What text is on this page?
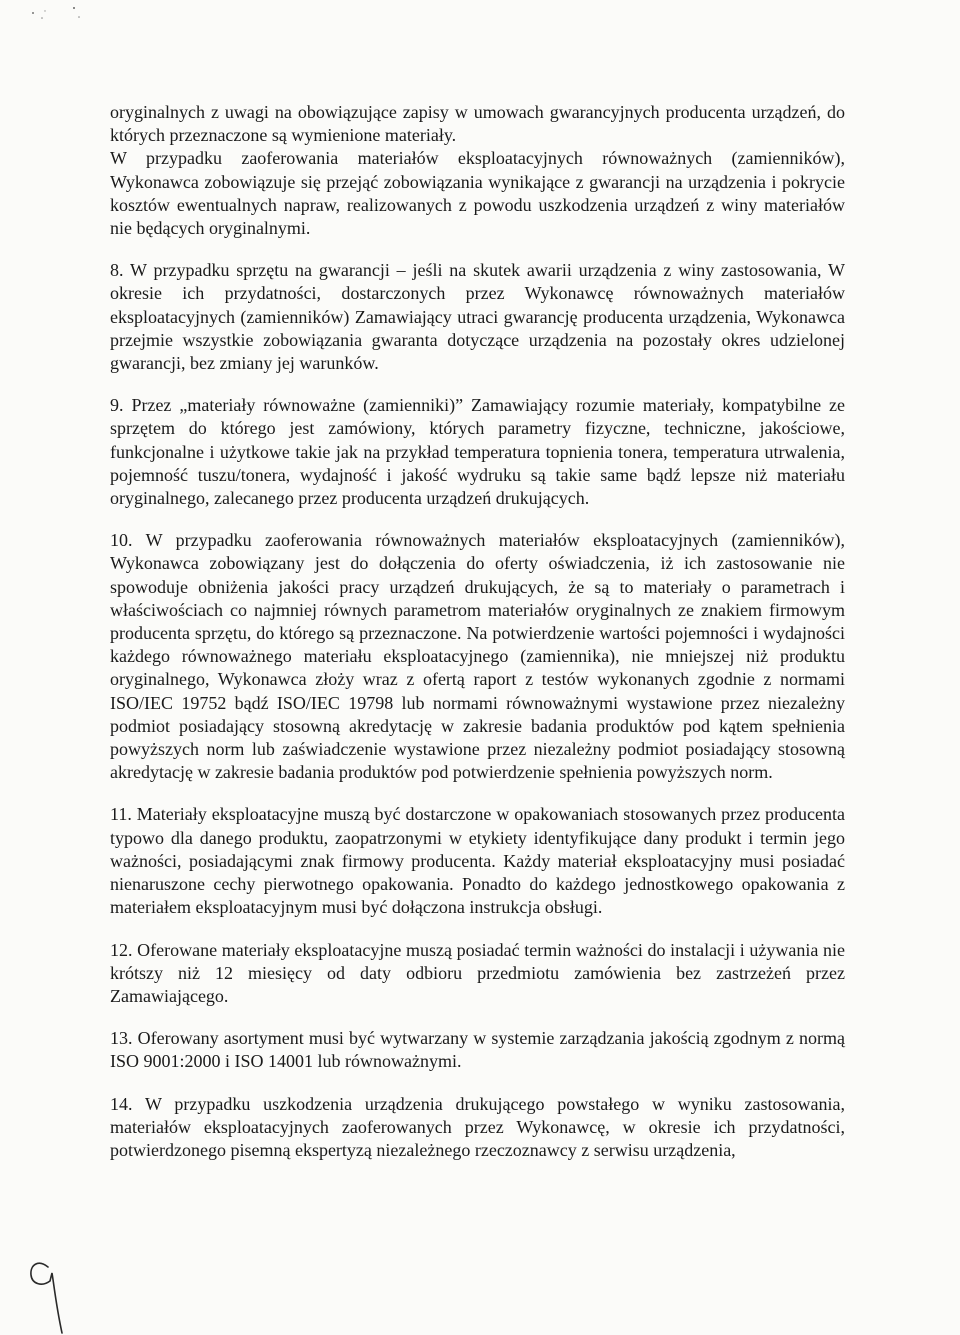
oryginalnych z uwagi na obowiązujące zapisy w umowach gwarancyjnych producenta urządzeń, do których przeznaczone są wymienione materiały.

W przypadku zaoferowania materiałów eksploatacyjnych równoważnych (zamienników), Wykonawca zobowiązuje się przejąć zobowiązania wynikające z gwarancji na urządzenia i pokrycie kosztów ewentualnych napraw, realizowanych z powodu uszkodzenia urządzeń z winy materiałów nie będących oryginalnymi.

8. W przypadku sprzętu na gwarancji – jeśli na skutek awarii urządzenia z winy zastosowania, W okresie ich przydatności, dostarczonych przez Wykonawcę równoważnych materiałów eksploatacyjnych (zamienników) Zamawiający utraci gwarancję producenta urządzenia, Wykonawca przejmie wszystkie zobowiązania gwaranta dotyczące urządzenia na pozostały okres udzielonej gwarancji, bez zmiany jej warunków.

9. Przez „materiały równoważne (zamienniki)” Zamawiający rozumie materiały, kompatybilne ze sprzętem do którego jest zamówiony, których parametry fizyczne, techniczne, jakościowe, funkcjonalne i użytkowe takie jak na przykład temperatura topnienia tonera, temperatura utrwalenia, pojemność tuszu/tonera, wydajność i jakość wydruku są takie same bądź lepsze niż materiału oryginalnego, zalecanego przez producenta urządzeń drukujących.

10. W przypadku zaoferowania równoważnych materiałów eksploatacyjnych (zamienników), Wykonawca zobowiązany jest do dołączenia do oferty oświadczenia, iż ich zastosowanie nie spowoduje obniżenia jakości pracy urządzeń drukujących, że są to materiały o parametrach i właściwościach co najmniej równych parametrom materiałów oryginalnych ze znakiem firmowym producenta sprzętu, do którego są przeznaczone. Na potwierdzenie wartości pojemności i wydajności każdego równoważnego materiału eksploatacyjnego (zamiennika), nie mniejszej niż produktu oryginalnego, Wykonawca złoży wraz z ofertą raport z testów wykonanych zgodnie z normami ISO/IEC 19752 bądź ISO/IEC 19798 lub normami równoważnymi wystawione przez niezależny podmiot posiadający stosowną akredytację w zakresie badania produktów pod kątem spełnienia powyższych norm lub zaświadczenie wystawione przez niezależny podmiot posiadający stosowną akredytację w zakresie badania produktów pod potwierdzenie spełnienia powyższych norm.

11. Materiały eksploatacyjne muszą być dostarczone w opakowaniach stosowanych przez producenta typowo dla danego produktu, zaopatrzonymi w etykiety identyfikujące dany produkt i termin jego ważności, posiadającymi znak firmowy producenta. Każdy materiał eksploatacyjny musi posiadać nienaruszone cechy pierwotnego opakowania. Ponadto do każdego jednostkowego opakowania z materiałem eksploatacyjnym musi być dołączona instrukcja obsługi.

12. Oferowane materiały eksploatacyjne muszą posiadać termin ważności do instalacji i używania nie krótszy niż 12 miesięcy od daty odbioru przedmiotu zamówienia bez zastrzeżeń przez Zamawiającego.

13. Oferowany asortyment musi być wytwarzany w systemie zarządzania jakością zgodnym z normą ISO 9001:2000 i ISO 14001 lub równoważnymi.

14. W przypadku uszkodzenia urządzenia drukującego powstałego w wyniku zastosowania, materiałów eksploatacyjnych zaoferowanych przez Wykonawcę, w okresie ich przydatności, potwierdzonego pisemną ekspertyzą niezależnego rzeczoznawcy z serwisu urządzenia,
